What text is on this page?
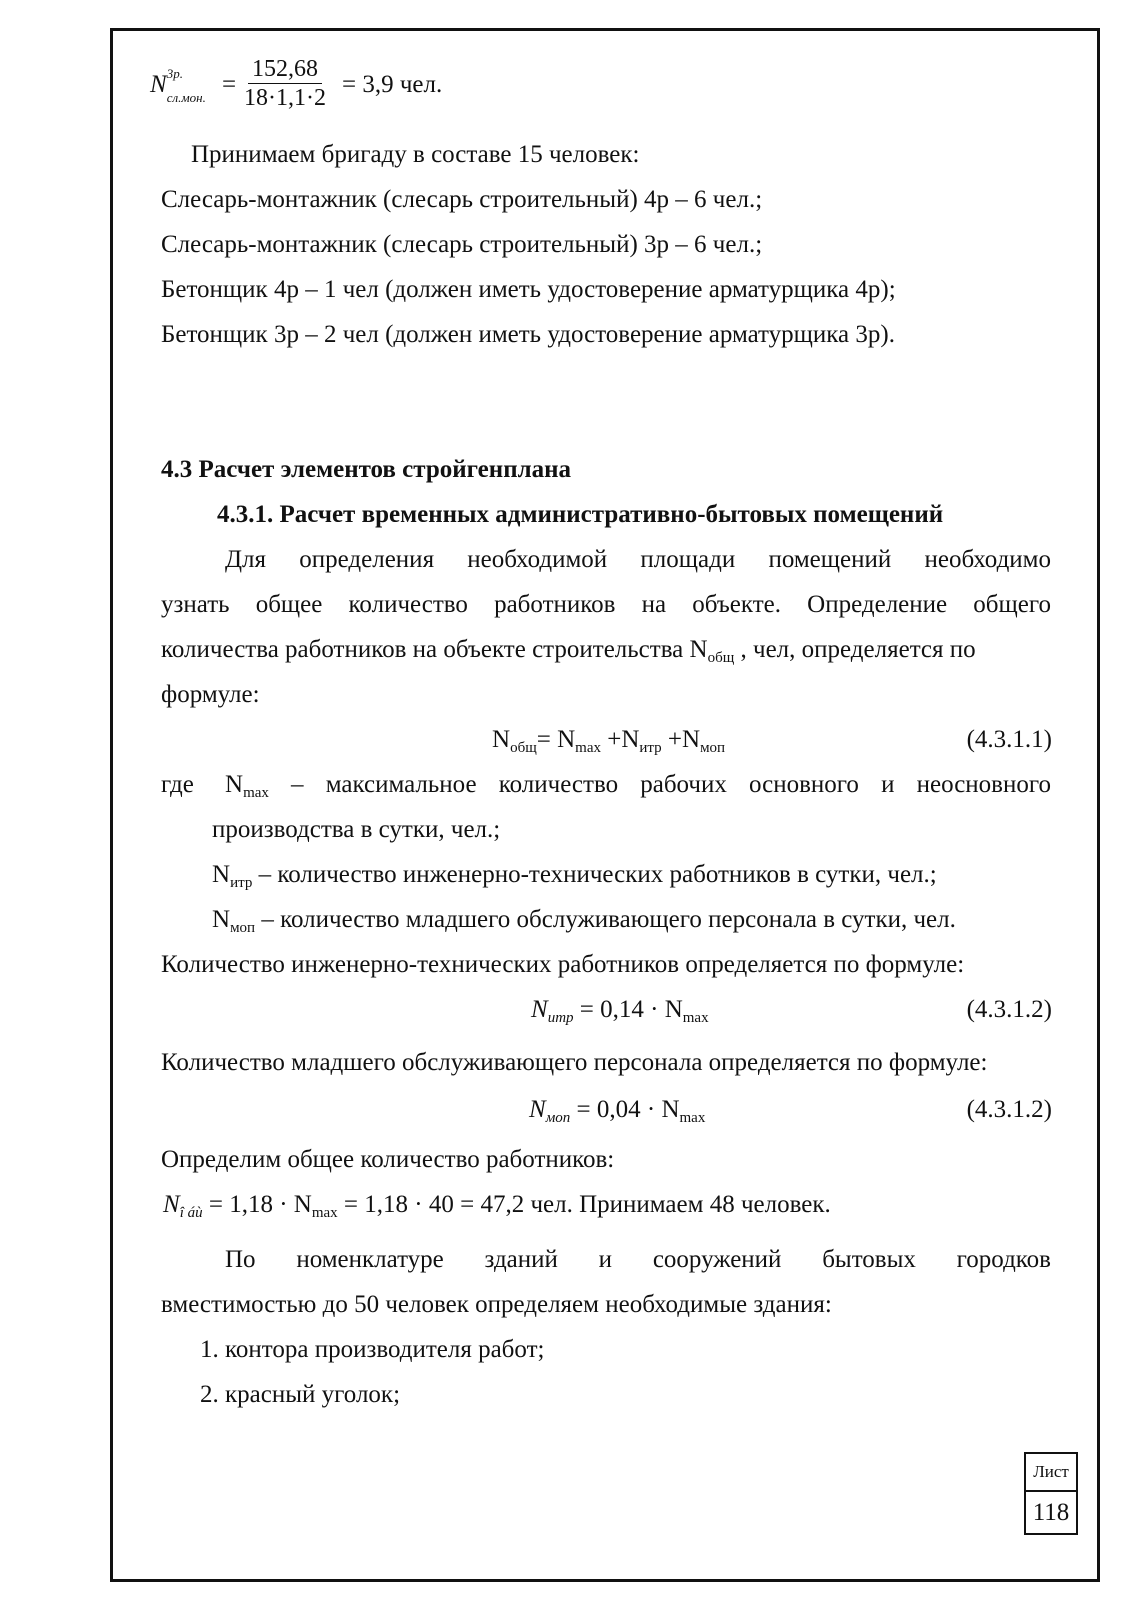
N 3р.
сл.мон. = $\frac{152,68}{18\cdot 1,1\cdot 2} = 3,9$ чел.
Принимаем бригаду в составе 15 человек:
Слесарь-монтажник (слесарь строительный) 4р – 6 чел.;
Слесарь-монтажник (слесарь строительный) 3р – 6 чел.;
Бетонщик 4р – 1 чел (должен иметь удостоверение арматурщика 4р);
Бетонщик 3р – 2 чел (должен иметь удостоверение арматурщика 3р).
4.3 Расчет элементов стройгенплана
4.3.1. Расчет временных административно-бытовых помещений
Для определения необходимой площади помещений необходимо
узнать общее количество работников на объекте. Определение общего
количества работников на объекте строительства $N_{общ}$ , чел, определяется по
формуле:
$N_{общ}= N_{max} +N_{итр} +N_{моп}$	(4.3.1.1)
где $N_{max}$ – максимальное количество рабочих основного и неосновного
производства в сутки, чел.;
$N_{итр}$ – количество инженерно-технических работников в сутки, чел.;
$N_{моп}$ – количество младшего обслуживающего персонала в сутки, чел.
Количество инженерно-технических работников определяется по формуле:
$N_{итр} = 0,14 \cdot N_{max}$	(4.3.1.2)
Количество младшего обслуживающего персонала определяется по формуле:
$N_{моп} = 0,04 \cdot N_{max}$	(4.3.1.2)
Определим общее количество работников:
$N_{î áù} = 1,18 \cdot N_{max} = 1,18 \cdot 40 = 47,2$ чел. Принимаем 48 человек.
По номенклатуре зданий и сооружений бытовых городков
вместимостью до 50 человек определяем необходимые здания:
1. контора производителя работ;
2. красный уголок;
Лист
118
